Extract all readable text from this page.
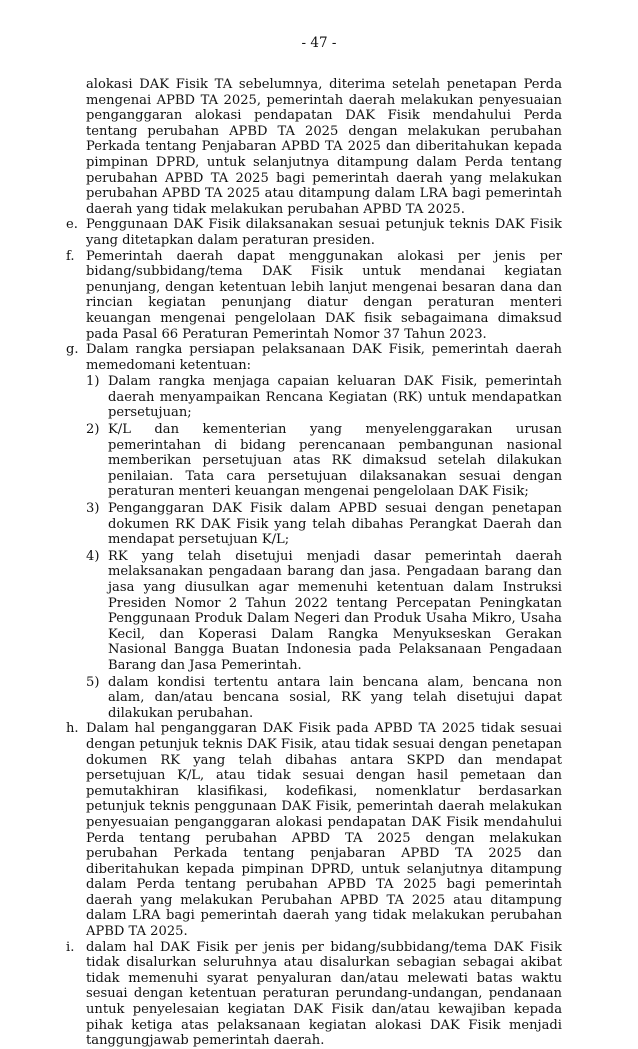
- 47 -
alokasi DAK Fisik TA sebelumnya, diterima setelah penetapan Perda mengenai APBD TA 2025, pemerintah daerah melakukan penyesuaian penganggaran alokasi pendapatan DAK Fisik mendahului Perda tentang perubahan APBD TA 2025 dengan melakukan perubahan Perkada tentang Penjabaran APBD TA 2025 dan diberitahukan kepada pimpinan DPRD, untuk selanjutnya ditampung dalam Perda tentang perubahan APBD TA 2025 bagi pemerintah daerah yang melakukan perubahan APBD TA 2025 atau ditampung dalam LRA bagi pemerintah daerah yang tidak melakukan perubahan APBD TA 2025.
e. Penggunaan DAK Fisik dilaksanakan sesuai petunjuk teknis DAK Fisik yang ditetapkan dalam peraturan presiden.
f. Pemerintah daerah dapat menggunakan alokasi per jenis per bidang/subbidang/tema DAK Fisik untuk mendanai kegiatan penunjang, dengan ketentuan lebih lanjut mengenai besaran dana dan rincian kegiatan penunjang diatur dengan peraturan menteri keuangan mengenai pengelolaan DAK fisik sebagaimana dimaksud pada Pasal 66 Peraturan Pemerintah Nomor 37 Tahun 2023.
g. Dalam rangka persiapan pelaksanaan DAK Fisik, pemerintah daerah memedomani ketentuan:
1) Dalam rangka menjaga capaian keluaran DAK Fisik, pemerintah daerah menyampaikan Rencana Kegiatan (RK) untuk mendapatkan persetujuan;
2) K/L dan kementerian yang menyelenggarakan urusan pemerintahan di bidang perencanaan pembangunan nasional memberikan persetujuan atas RK dimaksud setelah dilakukan penilaian. Tata cara persetujuan dilaksanakan sesuai dengan peraturan menteri keuangan mengenai pengelolaan DAK Fisik;
3) Penganggaran DAK Fisik dalam APBD sesuai dengan penetapan dokumen RK DAK Fisik yang telah dibahas Perangkat Daerah dan mendapat persetujuan K/L;
4) RK yang telah disetujui menjadi dasar pemerintah daerah melaksanakan pengadaan barang dan jasa. Pengadaan barang dan jasa yang diusulkan agar memenuhi ketentuan dalam Instruksi Presiden Nomor 2 Tahun 2022 tentang Percepatan Peningkatan Penggunaan Produk Dalam Negeri dan Produk Usaha Mikro, Usaha Kecil, dan Koperasi Dalam Rangka Menyukseskan Gerakan Nasional Bangga Buatan Indonesia pada Pelaksanaan Pengadaan Barang dan Jasa Pemerintah.
5) dalam kondisi tertentu antara lain bencana alam, bencana non alam, dan/atau bencana sosial, RK yang telah disetujui dapat dilakukan perubahan.
h. Dalam hal penganggaran DAK Fisik pada APBD TA 2025 tidak sesuai dengan petunjuk teknis DAK Fisik, atau tidak sesuai dengan penetapan dokumen RK yang telah dibahas antara SKPD dan mendapat persetujuan K/L, atau tidak sesuai dengan hasil pemetaan dan pemutakhiran klasifikasi, kodefikasi, nomenklatur berdasarkan petunjuk teknis penggunaan DAK Fisik, pemerintah daerah melakukan penyesuaian penganggaran alokasi pendapatan DAK Fisik mendahului Perda tentang perubahan APBD TA 2025 dengan melakukan perubahan Perkada tentang penjabaran APBD TA 2025 dan diberitahukan kepada pimpinan DPRD, untuk selanjutnya ditampung dalam Perda tentang perubahan APBD TA 2025 bagi pemerintah daerah yang melakukan Perubahan APBD TA 2025 atau ditampung dalam LRA bagi pemerintah daerah yang tidak melakukan perubahan APBD TA 2025.
i. dalam hal DAK Fisik per jenis per bidang/subbidang/tema DAK Fisik tidak disalurkan seluruhnya atau disalurkan sebagian sebagai akibat tidak memenuhi syarat penyaluran dan/atau melewati batas waktu sesuai dengan ketentuan peraturan perundang-undangan, pendanaan untuk penyelesaian kegiatan DAK Fisik dan/atau kewajiban kepada pihak ketiga atas pelaksanaan kegiatan alokasi DAK Fisik menjadi tanggungjawab pemerintah daerah.
